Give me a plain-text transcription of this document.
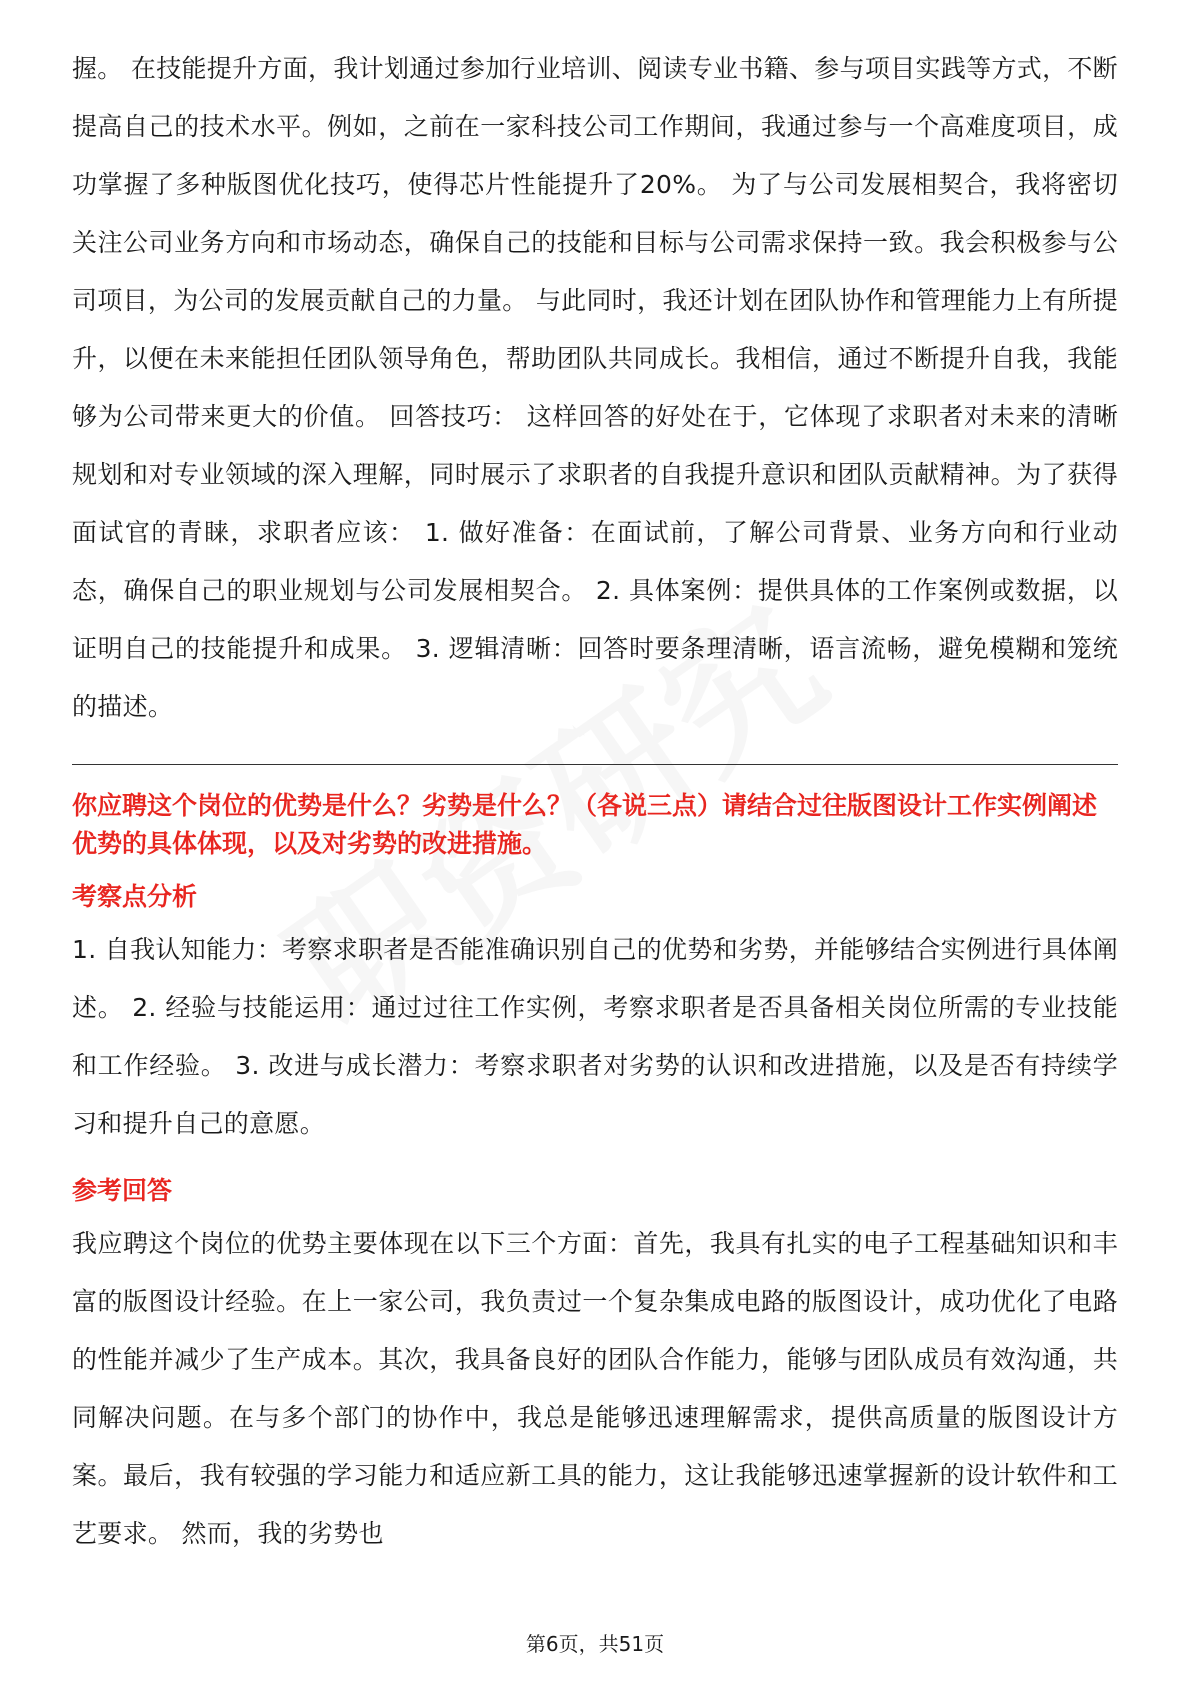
握。 在技能提升方面，我计划通过参加行业培训、阅读专业书籍、参与项目实践等方式，不断提高自己的技术水平。例如，之前在一家科技公司工作期间，我通过参与一个高难度项目，成功掌握了多种版图优化技巧，使得芯片性能提升了20%。 为了与公司发展相契合，我将密切关注公司业务方向和市场动态，确保自己的技能和目标与公司需求保持一致。我会积极参与公司项目，为公司的发展贡献自己的力量。 与此同时，我还计划在团队协作和管理能力上有所提升，以便在未来能担任团队领导角色，帮助团队共同成长。我相信，通过不断提升自我，我能够为公司带来更大的价值。 回答技巧： 这样回答的好处在于，它体现了求职者对未来的清晰规划和对专业领域的深入理解，同时展示了求职者的自我提升意识和团队贡献精神。为了获得面试官的青睐，求职者应该： 1. 做好准备：在面试前，了解公司背景、业务方向和行业动态，确保自己的职业规划与公司发展相契合。 2. 具体案例：提供具体的工作案例或数据，以证明自己的技能提升和成果。 3. 逻辑清晰：回答时要条理清晰，语言流畅，避免模糊和笼统的描述。

你应聘这个岗位的优势是什么？劣势是什么？（各说三点）请结合过往版图设计工作实例阐述优势的具体体现，以及对劣势的改进措施。

考察点分析

1. 自我认知能力：考察求职者是否能准确识别自己的优势和劣势，并能够结合实例进行具体阐述。 2. 经验与技能运用：通过过往工作实例，考察求职者是否具备相关岗位所需的专业技能和工作经验。 3. 改进与成长潜力：考察求职者对劣势的认识和改进措施，以及是否有持续学习和提升自己的意愿。

参考回答

我应聘这个岗位的优势主要体现在以下三个方面：首先，我具有扎实的电子工程基础知识和丰富的版图设计经验。在上一家公司，我负责过一个复杂集成电路的版图设计，成功优化了电路的性能并减少了生产成本。其次，我具备良好的团队合作能力，能够与团队成员有效沟通，共同解决问题。在与多个部门的协作中，我总是能够迅速理解需求，提供高质量的版图设计方案。最后，我有较强的学习能力和适应新工具的能力，这让我能够迅速掌握新的设计软件和工艺要求。 然而，我的劣势也

第6页，共51页
